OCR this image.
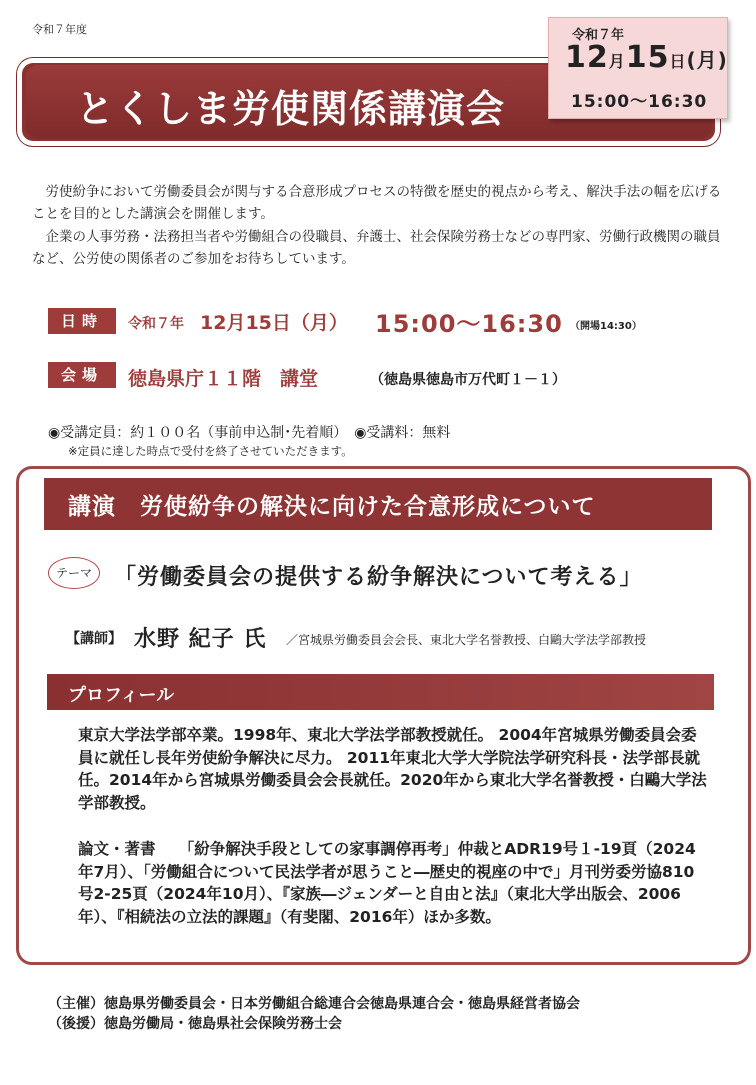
令和７年度
とくしま労使関係講演会
令和７年
12月15日(月)
15:00～16:30
　労使紛争において労働委員会が関与する合意形成プロセスの特徴を歴史的視点から考え、解決手法の幅を広げることを目的とした講演会を開催します。
　企業の人事労務・法務担当者や労働組合の役職員、弁護士、社会保険労務士などの専門家、労働行政機関の職員など、公労使の関係者のご参加をお待ちしています。
日時	令和７年 12月15日（月） 15:00～16:30 （開場14:30）
会場	徳島県庁１１階　講堂	（徳島県徳島市万代町１－１）
◉受講定員：約１００名（事前申込制･先着順）　◉受講料：無料
※定員に達した時点で受付を終了させていただきます。
講演　労使紛争の解決に向けた合意形成について
テーマ	「労働委員会の提供する紛争解決について考える」
【講師】 水野 紀子 氏 ／宮城県労働委員会会長、東北大学名誉教授、白鷗大学法学部教授
プロフィール
東京大学法学部卒業。1998年、東北大学法学部教授就任。 2004年宮城県労働委員会委員に就任し長年労使紛争解決に尽力。 2011年東北大学大学院法学研究科長・法学部長就任。2014年から宮城県労働委員会会長就任。2020年から東北大学名誉教授・白鷗大学法学部教授。
論文・著書　　「紛争解決手段としての家事調停再考」仲裁とADR19号１-19頁（2024年7月）、「労働組合について民法学者が思うこと―歴史的視座の中で」月刊労委労協810号2-25頁（2024年10月）、『家族―ジェンダーと自由と法』（東北大学出版会、2006年）、『相続法の立法的課題』（有斐閣、2016年）ほか多数。
（主催）徳島県労働委員会・日本労働組合総連合会徳島県連合会・徳島県経営者協会
（後援）徳島労働局・徳島県社会保険労務士会
